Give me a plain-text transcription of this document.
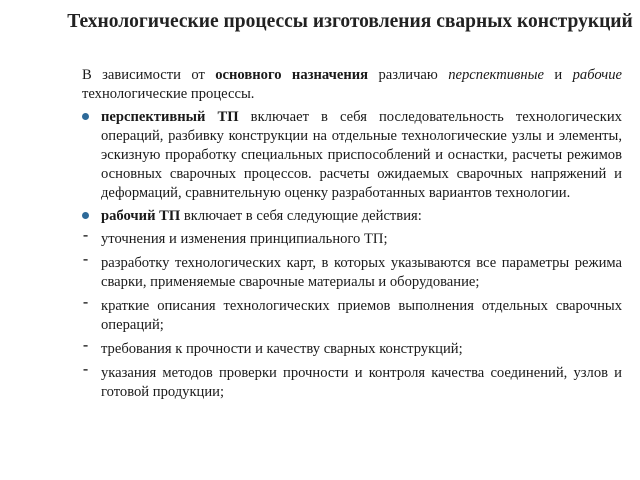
Технологические процессы изготовления сварных конструкций

В зависимости от основного назначения различаю перспективные и рабочие технологические процессы.

перспективный ТП включает в себя последовательность технологических операций, разбивку конструкции на отдельные технологические узлы и элементы, эскизную проработку специальных приспособлений и оснастки, расчеты режимов основных сварочных процессов. расчеты ожидаемых сварочных напряжений и деформаций, сравнительную оценку разработанных вариантов технологии.
рабочий ТП включает в себя следующие действия:
⁃ уточнения и изменения принципиального ТП;
⁃ разработку технологических карт, в которых указываются все параметры режима сварки, применяемые сварочные материалы и оборудование;
⁃ краткие описания технологических приемов выполнения отдельных сварочных операций;
⁃ требования к прочности и качеству сварных конструкций;
⁃ указания методов проверки прочности и контроля качества соединений, узлов и готовой продукции;
